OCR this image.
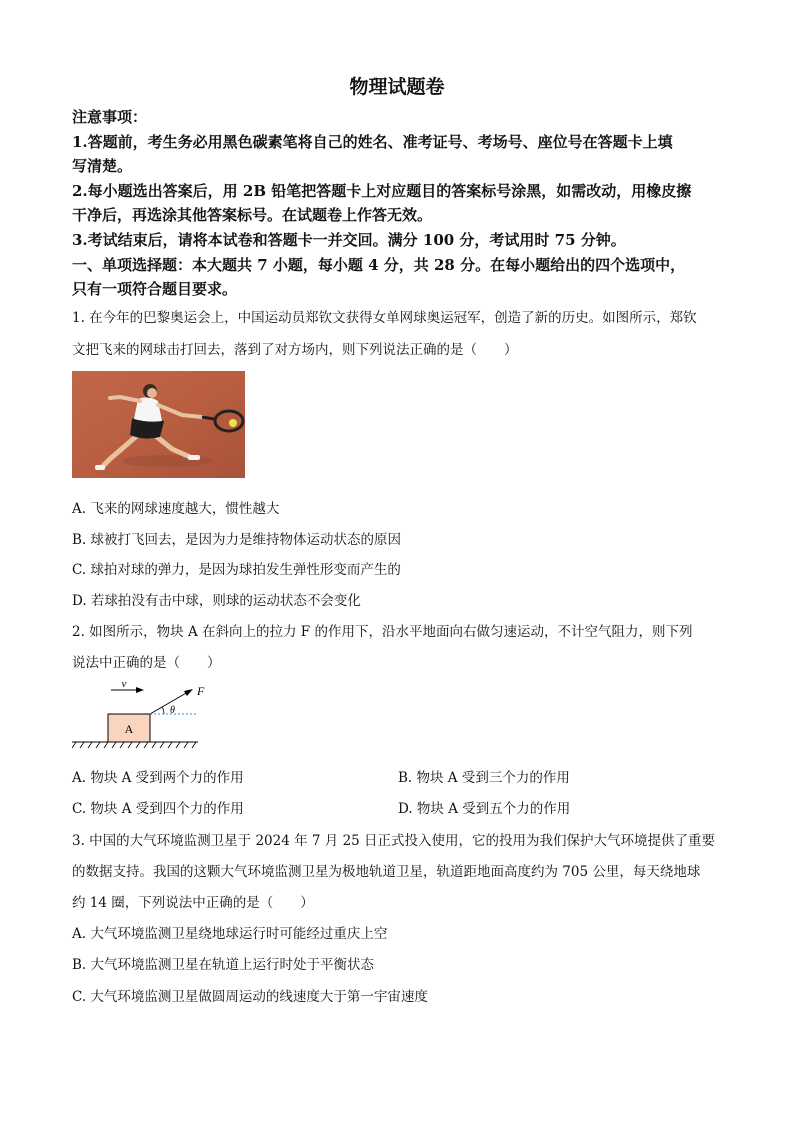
物理试题卷
注意事项：
1.答题前，考生务必用黑色碳素笔将自己的姓名、准考证号、考场号、座位号在答题卡上填
写清楚。
2.每小题选出答案后，用 2B 铅笔把答题卡上对应题目的答案标号涂黑，如需改动，用橡皮擦
干净后，再选涂其他答案标号。在试题卷上作答无效。
3.考试结束后，请将本试卷和答题卡一并交回。满分 100 分，考试用时 75 分钟。
一、单项选择题：本大题共 7 小题，每小题 4 分，共 28 分。在每小题给出的四个选项中，
只有一项符合题目要求。
1. 在今年的巴黎奥运会上，中国运动员郑钦文获得女单网球奥运冠军，创造了新的历史。如图所示，郑钦
文把飞来的网球击打回去，落到了对方场内，则下列说法正确的是（　　）
A. 飞来的网球速度越大，惯性越大
B. 球被打飞回去，是因为力是维持物体运动状态的原因
C. 球拍对球的弹力，是因为球拍发生弹性形变而产生的
D. 若球拍没有击中球，则球的运动状态不会变化
2. 如图所示，物块 A 在斜向上的拉力 F 的作用下，沿水平地面向右做匀速运动，不计空气阻力，则下列
说法中正确的是（　　）
v
A
F
θ
A. 物块 A 受到两个力的作用	B. 物块 A 受到三个力的作用
C. 物块 A 受到四个力的作用	D. 物块 A 受到五个力的作用
3. 中国的大气环境监测卫星于 2024 年 7 月 25 日正式投入使用，它的投用为我们保护大气环境提供了重要
的数据支持。我国的这颗大气环境监测卫星为极地轨道卫星，轨道距地面高度约为 705 公里，每天绕地球
约 14 圈，下列说法中正确的是（　　）
A. 大气环境监测卫星绕地球运行时可能经过重庆上空
B. 大气环境监测卫星在轨道上运行时处于平衡状态
C. 大气环境监测卫星做圆周运动的线速度大于第一宇宙速度
